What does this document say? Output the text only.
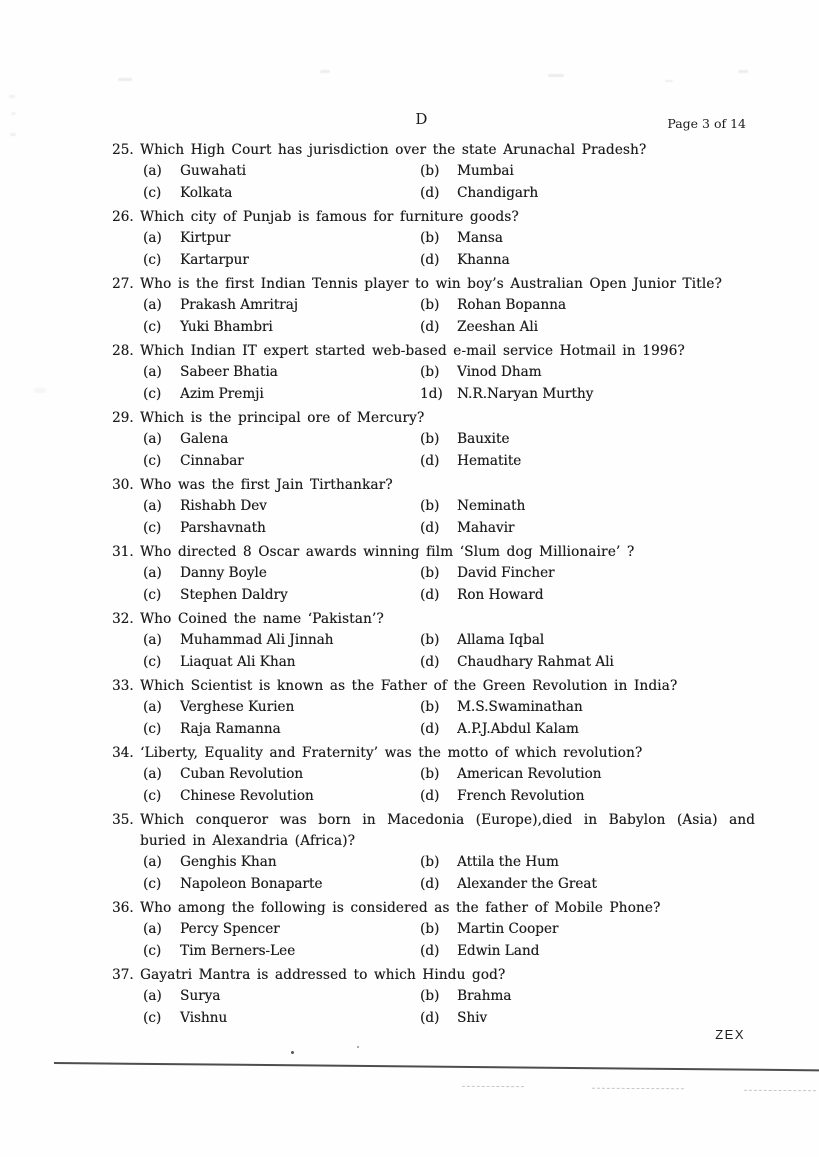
D	Page 3 of 14
25. Which High Court has jurisdiction over the state Arunachal Pradesh?
(a)	Guwahati	(b)	Mumbai
(c)	Kolkata	(d)	Chandigarh
26. Which city of Punjab is famous for furniture goods?
(a)	Kirtpur	(b)	Mansa
(c)	Kartarpur	(d)	Khanna
27. Who is the first Indian Tennis player to win boy’s Australian Open Junior Title?
(a)	Prakash Amritraj	(b)	Rohan Bopanna
(c)	Yuki Bhambri	(d)	Zeeshan Ali
28. Which Indian IT expert started web-based e-mail service Hotmail in 1996?
(a)	Sabeer Bhatia	(b)	Vinod Dham
(c)	Azim Premji	1d)	N.R.Naryan Murthy
29. Which is the principal ore of Mercury?
(a)	Galena	(b)	Bauxite
(c)	Cinnabar	(d)	Hematite
30. Who was the first Jain Tirthankar?
(a)	Rishabh Dev	(b)	Neminath
(c)	Parshavnath	(d)	Mahavir
31. Who directed 8 Oscar awards winning film ‘Slum dog Millionaire’ ?
(a)	Danny Boyle	(b)	David Fincher
(c)	Stephen Daldry	(d)	Ron Howard
32. Who Coined the name ‘Pakistan’?
(a)	Muhammad Ali Jinnah	(b)	Allama Iqbal
(c)	Liaquat Ali Khan	(d)	Chaudhary Rahmat Ali
33. Which Scientist is known as the Father of the Green Revolution in India?
(a)	Verghese Kurien	(b)	M.S.Swaminathan
(c)	Raja Ramanna	(d)	A.P.J.Abdul Kalam
34. ‘Liberty, Equality and Fraternity’ was the motto of which revolution?
(a)	Cuban Revolution	(b)	American Revolution
(c)	Chinese Revolution	(d)	French Revolution
35. Which conqueror was born in Macedonia (Europe),died in Babylon (Asia) and buried in Alexandria (Africa)?
(a)	Genghis Khan	(b)	Attila the Hum
(c)	Napoleon Bonaparte	(d)	Alexander the Great
36. Who among the following is considered as the father of Mobile Phone?
(a)	Percy Spencer	(b)	Martin Cooper
(c)	Tim Berners-Lee	(d)	Edwin Land
37. Gayatri Mantra is addressed to which Hindu god?
(a)	Surya	(b)	Brahma
(c)	Vishnu	(d)	Shiv
ZEX
